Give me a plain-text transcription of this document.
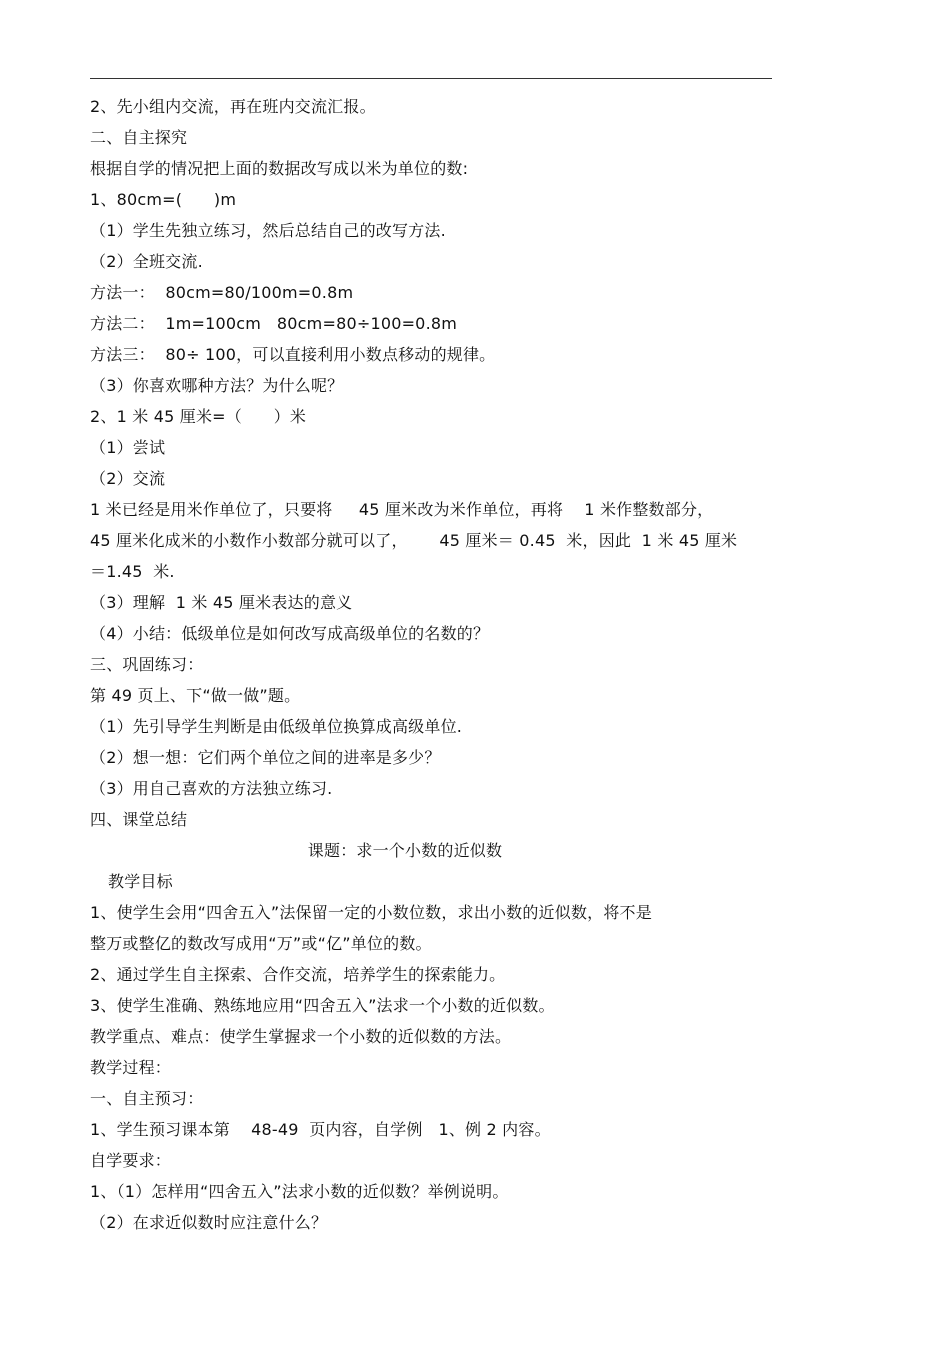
2、先小组内交流，再在班内交流汇报。
二、自主探究
根据自学的情况把上面的数据改写成以米为单位的数:
1、80cm=(      )m
（1）学生先独立练习，然后总结自己的改写方法.
（2）全班交流.
方法一：  80cm=80/100m=0.8m
方法二：  1m=100cm   80cm=80÷100=0.8m
方法三：  80÷ 100，可以直接利用小数点移动的规律。
（3）你喜欢哪种方法？为什么呢？
2、1 米 45 厘米=（      ）米
（1）尝试
（2）交流
1 米已经是用米作单位了，只要将     45 厘米改为米作单位，再将    1 米作整数部分，
45 厘米化成米的小数作小数部分就可以了，      45 厘米＝ 0.45  米，因此  1 米 45 厘米
＝1.45  米.
（3）理解  1 米 45 厘米表达的意义
（4）小结：低级单位是如何改写成高级单位的名数的？
三、巩固练习：
第 49 页上、下“做一做”题。
（1）先引导学生判断是由低级单位换算成高级单位.
（2）想一想：它们两个单位之间的进率是多少？
（3）用自己喜欢的方法独立练习.
四、课堂总结
课题：求一个小数的近似数
教学目标
1、使学生会用“四舍五入”法保留一定的小数位数，求出小数的近似数，将不是
整万或整亿的数改写成用“万”或“亿”单位的数。
2、通过学生自主探索、合作交流，培养学生的探索能力。
3、使学生准确、熟练地应用“四舍五入”法求一个小数的近似数。
教学重点、难点：使学生掌握求一个小数的近似数的方法。
教学过程：
一、自主预习：
1、学生预习课本第    48-49  页内容，自学例   1、例 2 内容。
自学要求：
1、（1）怎样用“四舍五入”法求小数的近似数？举例说明。
（2）在求近似数时应注意什么？
